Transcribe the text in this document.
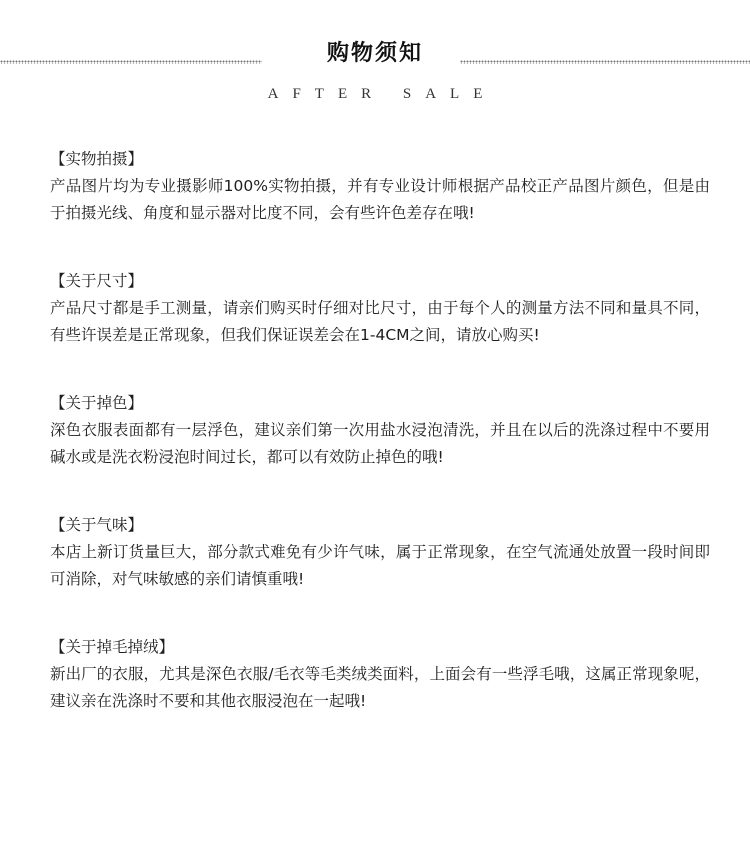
购物须知
AFTER SALE

【实物拍摄】

产品图片均为专业摄影师100%实物拍摄，并有专业设计师根据产品校正产品图片颜色，但是由于拍摄光线、角度和显示器对比度不同，会有些许色差存在哦!

【关于尺寸】

产品尺寸都是手工测量，请亲们购买时仔细对比尺寸，由于每个人的测量方法不同和量具不同，有些许误差是正常现象，但我们保证误差会在1-4CM之间，请放心购买!

【关于掉色】

深色衣服表面都有一层浮色，建议亲们第一次用盐水浸泡清洗，并且在以后的洗涤过程中不要用碱水或是洗衣粉浸泡时间过长，都可以有效防止掉色的哦!

【关于气味】

本店上新订货量巨大，部分款式难免有少许气味，属于正常现象，在空气流通处放置一段时间即可消除，对气味敏感的亲们请慎重哦!

【关于掉毛掉绒】

新出厂的衣服，尤其是深色衣服/毛衣等毛类绒类面料，上面会有一些浮毛哦，这属正常现象呢，建议亲在洗涤时不要和其他衣服浸泡在一起哦!
